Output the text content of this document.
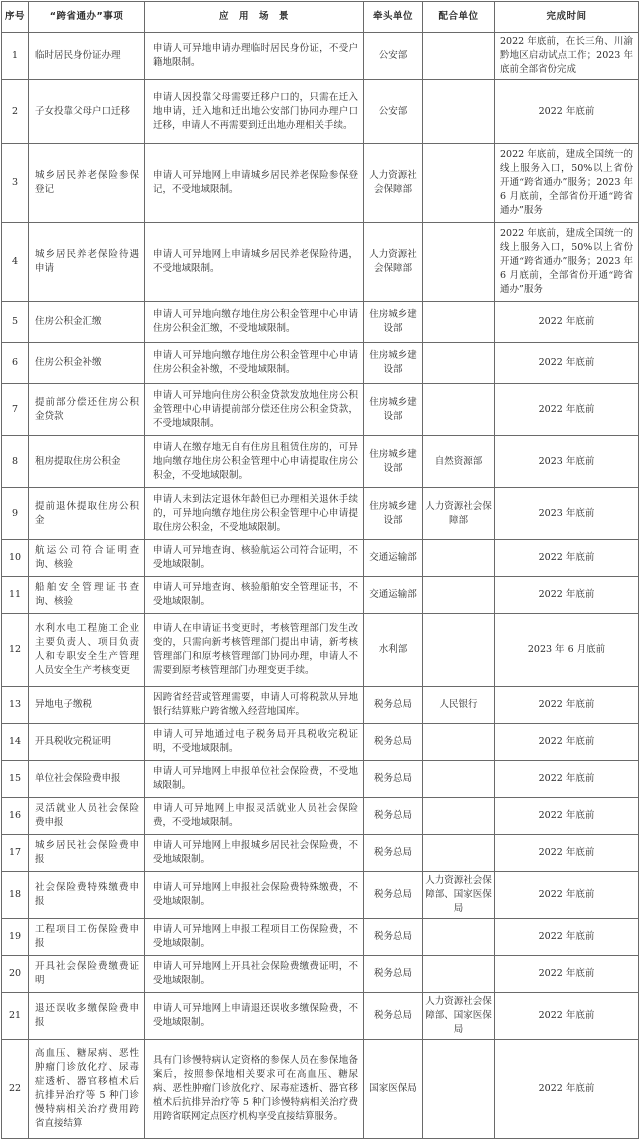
序号	“跨省通办”事项	应　用　场　景	牵头单位	配合单位	完成时间
1	临时居民身份证办理	申请人可异地申请办理临时居民身份证，不受户籍地限制。	公安部		2022 年底前，在长三角、川渝黔地区启动试点工作；2023 年底前全部省份完成
2	子女投靠父母户口迁移	申请人因投靠父母需要迁移户口的，只需在迁入地申请，迁入地和迁出地公安部门协同办理户口迁移，申请人不再需要到迁出地办理相关手续。	公安部		2022 年底前
3	城乡居民养老保险参保登记	申请人可异地网上申请城乡居民养老保险参保登记，不受地域限制。	人力资源社会保障部		2022 年底前，建成全国统一的线上服务入口，50%以上省份开通“跨省通办”服务；2023 年 6 月底前，全部省份开通“跨省通办”服务
4	城乡居民养老保险待遇申请	申请人可异地网上申请城乡居民养老保险待遇，不受地域限制。	人力资源社会保障部		2022 年底前，建成全国统一的线上服务入口，50%以上省份开通“跨省通办”服务；2023 年 6 月底前，全部省份开通“跨省通办”服务
5	住房公积金汇缴	申请人可异地向缴存地住房公积金管理中心申请住房公积金汇缴，不受地域限制。	住房城乡建设部		2022 年底前
6	住房公积金补缴	申请人可异地向缴存地住房公积金管理中心申请住房公积金补缴，不受地域限制。	住房城乡建设部		2022 年底前
7	提前部分偿还住房公积金贷款	申请人可异地向住房公积金贷款发放地住房公积金管理中心申请提前部分偿还住房公积金贷款，不受地域限制。	住房城乡建设部		2022 年底前
8	租房提取住房公积金	申请人在缴存地无自有住房且租赁住房的，可异地向缴存地住房公积金管理中心申请提取住房公积金，不受地域限制。	住房城乡建设部	自然资源部	2023 年底前
9	提前退休提取住房公积金	申请人未到法定退休年龄但已办理相关退休手续的，可异地向缴存地住房公积金管理中心申请提取住房公积金，不受地域限制。	住房城乡建设部	人力资源社会保障部	2023 年底前
10	航运公司符合证明查询、核验	申请人可异地查询、核验航运公司符合证明，不受地域限制。	交通运输部		2022 年底前
11	船舶安全管理证书查询、核验	申请人可异地查询、核验船舶安全管理证书，不受地域限制。	交通运输部		2022 年底前
12	水利水电工程施工企业主要负责人、项目负责人和专职安全生产管理人员安全生产考核变更	申请人在申请证书变更时，考核管理部门发生改变的，只需向新考核管理部门提出申请，新考核管理部门和原考核管理部门协同办理，申请人不需要到原考核管理部门办理变更手续。	水利部		2023 年 6 月底前
13	异地电子缴税	因跨省经营或管理需要，申请人可将税款从异地银行结算账户跨省缴入经营地国库。	税务总局	人民银行	2022 年底前
14	开具税收完税证明	申请人可异地通过电子税务局开具税收完税证明，不受地域限制。	税务总局		2022 年底前
15	单位社会保险费申报	申请人可异地网上申报单位社会保险费，不受地域限制。	税务总局		2022 年底前
16	灵活就业人员社会保险费申报	申请人可异地网上申报灵活就业人员社会保险费，不受地域限制。	税务总局		2022 年底前
17	城乡居民社会保险费申报	申请人可异地网上申报城乡居民社会保险费，不受地域限制。	税务总局		2022 年底前
18	社会保险费特殊缴费申报	申请人可异地网上申报社会保险费特殊缴费，不受地域限制。	税务总局	人力资源社会保障部、国家医保局	2022 年底前
19	工程项目工伤保险费申报	申请人可异地网上申报工程项目工伤保险费，不受地域限制。	税务总局		2022 年底前
20	开具社会保险费缴费证明	申请人可异地网上开具社会保险费缴费证明，不受地域限制。	税务总局		2022 年底前
21	退还误收多缴保险费申报	申请人可异地网上申请退还误收多缴保险费，不受地域限制。	税务总局	人力资源社会保障部、国家医保局	2022 年底前
22	高血压、糖尿病、恶性肿瘤门诊放化疗、尿毒症透析、器官移植术后抗排异治疗等 5 种门诊慢特病相关治疗费用跨省直接结算	具有门诊慢特病认定资格的参保人员在参保地备案后，按照参保地相关要求可在高血压、糖尿病、恶性肿瘤门诊放化疗、尿毒症透析、器官移植术后抗排异治疗等 5 种门诊慢特病相关治疗费用跨省联网定点医疗机构享受直接结算服务。	国家医保局		2022 年底前
